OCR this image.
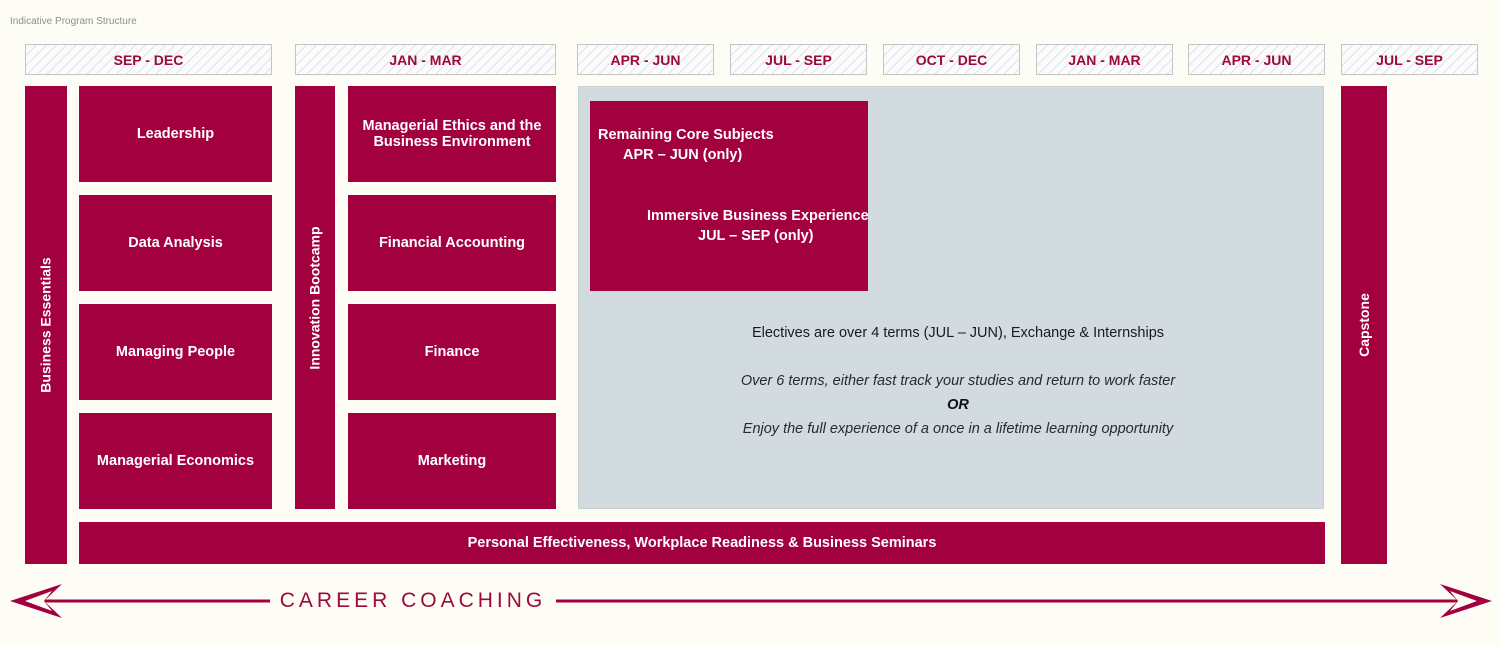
Indicative Program Structure
SEP - DEC	JAN - MAR	APR - JUN	JUL - SEP	OCT - DEC	JAN - MAR	APR - JUN	JUL - SEP
Business Essentials
Leadership
Data Analysis
Managing People
Managerial Economics
Innovation Bootcamp
Managerial Ethics and the Business Environment
Financial Accounting
Finance
Marketing
Remaining Core Subjects
APR – JUN (only)
Immersive Business Experience
JUL – SEP (only)
Electives are over 4 terms (JUL – JUN), Exchange & Internships
Over 6 terms, either fast track your studies and return to work faster
OR
Enjoy the full experience of a once in a lifetime learning opportunity
Capstone
Personal Effectiveness, Workplace Readiness & Business Seminars
CAREER COACHING
